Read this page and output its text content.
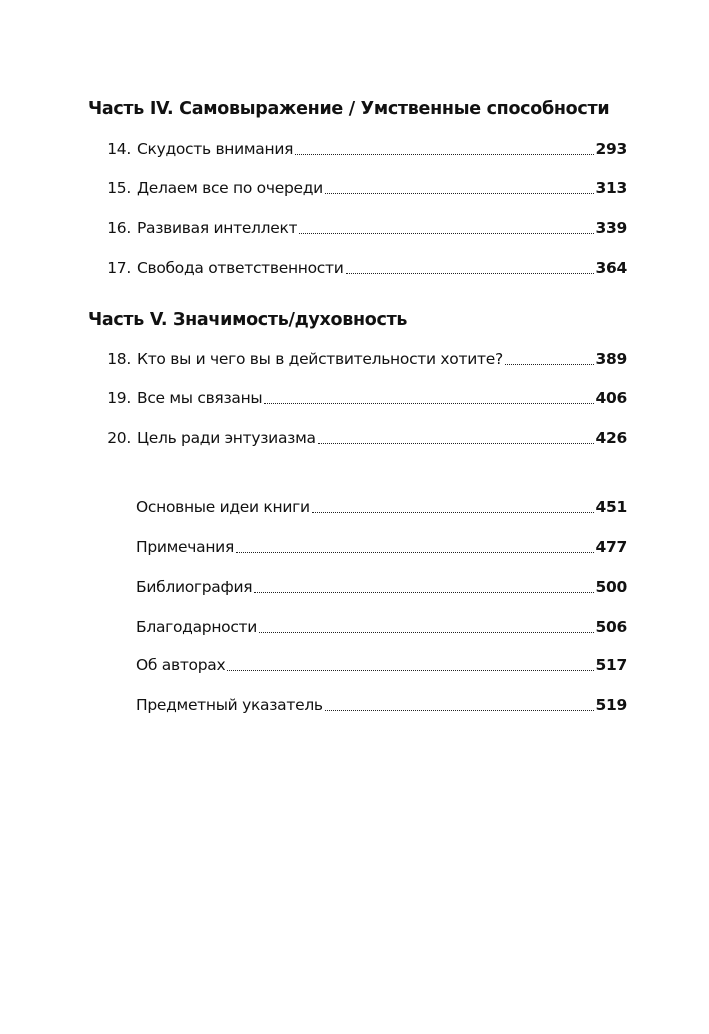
Часть IV. Самовыражение / Умственные способности
14. Скудость внимания	293
15. Делаем все по очереди	313
16. Развивая интеллект	339
17. Свобода ответственности	364
Часть V. Значимость/духовность
18. Кто вы и чего вы в действительности хотите?	389
19. Все мы связаны	406
20. Цель ради энтузиазма	426
Основные идеи книги	451
Примечания	477
Библиография	500
Благодарности	506
Об авторах	517
Предметный указатель	519
